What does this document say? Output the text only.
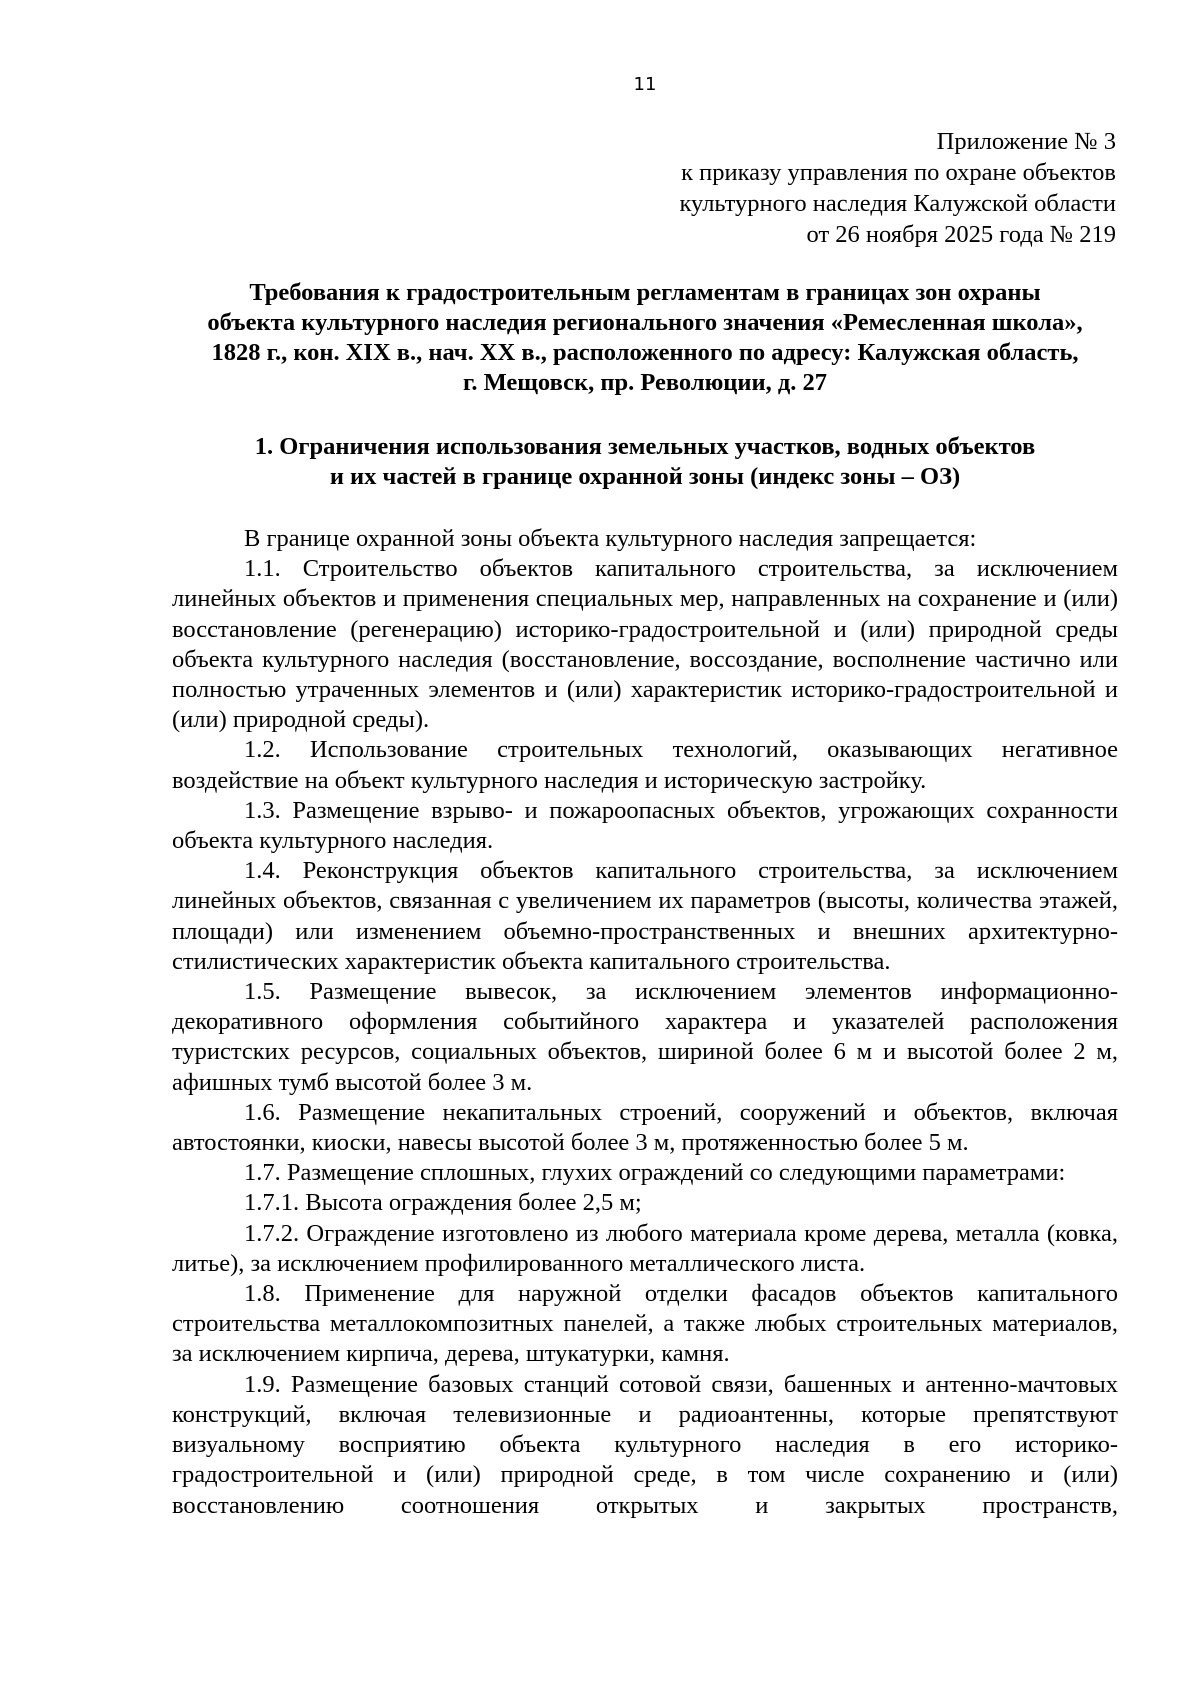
11
Приложение № 3
к приказу управления по охране объектов
культурного наследия Калужской области
от 26 ноября 2025 года № 219
Требования к градостроительным регламентам в границах зон охраны
объекта культурного наследия регионального значения «Ремесленная школа»,
1828 г., кон. XIX в., нач. XX в., расположенного по адресу: Калужская область,
г. Мещовск, пр. Революции, д. 27
1. Ограничения использования земельных участков, водных объектов
и их частей в границе охранной зоны (индекс зоны – ОЗ)

В границе охранной зоны объекта культурного наследия запрещается:

1.1. Строительство объектов капитального строительства, за исключением линейных объектов и применения специальных мер, направленных на сохранение и (или) восстановление (регенерацию) историко-градостроительной и (или) природной среды объекта культурного наследия (восстановление, воссоздание, восполнение частично или полностью утраченных элементов и (или) характеристик историко-градостроительной и (или) природной среды).

1.2. Использование строительных технологий, оказывающих негативное воздействие на объект культурного наследия и историческую застройку.

1.3. Размещение взрыво- и пожароопасных объектов, угрожающих сохранности объекта культурного наследия.

1.4. Реконструкция объектов капитального строительства, за исключением линейных объектов, связанная с увеличением их параметров (высоты, количества этажей, площади) или изменением объемно-пространственных и внешних архитектурно-стилистических характеристик объекта капитального строительства.

1.5. Размещение вывесок, за исключением элементов информационно-декоративного оформления событийного характера и указателей расположения туристских ресурсов, социальных объектов, шириной более 6 м и высотой более 2 м, афишных тумб высотой более 3 м.

1.6. Размещение некапитальных строений, сооружений и объектов, включая автостоянки, киоски, навесы высотой более 3 м, протяженностью более 5 м.

1.7. Размещение сплошных, глухих ограждений со следующими параметрами:

1.7.1. Высота ограждения более 2,5 м;

1.7.2. Ограждение изготовлено из любого материала кроме дерева, металла (ковка, литье), за исключением профилированного металлического листа.

1.8. Применение для наружной отделки фасадов объектов капитального строительства металлокомпозитных панелей, а также любых строительных материалов, за исключением кирпича, дерева, штукатурки, камня.

1.9. Размещение базовых станций сотовой связи, башенных и антенно-мачтовых конструкций, включая телевизионные и радиоантенны, которые препятствуют визуальному восприятию объекта культурного наследия в его историко-градостроительной и (или) природной среде, в том числе сохранению и (или) восстановлению соотношения открытых и закрытых пространств,
